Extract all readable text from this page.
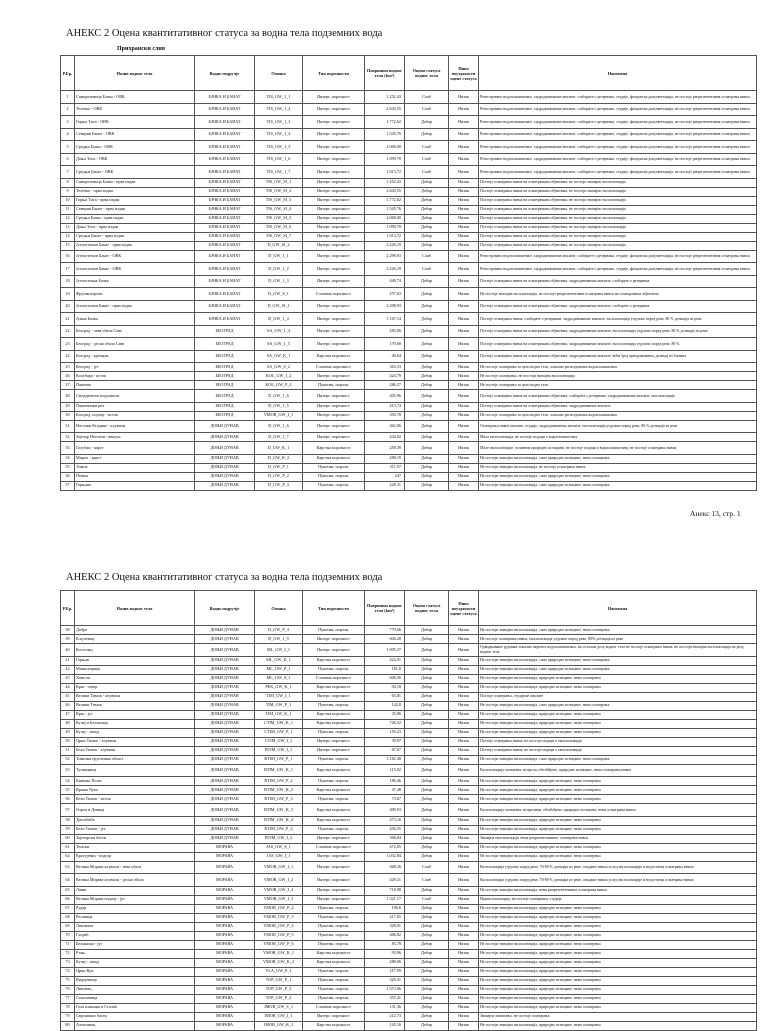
АНЕКС 2 Оцена квантитативног статуса за водна тела подземних вода
Прихрански слив
Р.Бр.	Назив водног тела	Водно подручје	Ознака	Тип порозности	Површина водног тела (km²)	Оцена статуса водног тела	Ниво поузданости оцене статуса	Напомена
1	Саморелевица Бачка - ОВК	БАЧКА И БАНАТ	TIS_GW_1_1	Интерг. порозност	1.252,43	Слаб	Низак	Регистровано водоплапиштање, хидродинамичке анализе, слаборате о резервама, студије, фондовска документација, не постоје репрезентативна осматрања нивоа
2	Телечка - ОВК	БАЧКА И БАНАТ	TIS_GW_1_2	Интерг. порозност	2.643,55	Слаб	Низак	Регистровано водоплапиштање, хидродинамичке анализе, слаборате о резервама, студије, фондовска документација, не постоје репрезентативна осматрања нивоа
3	Горња Тиса - ОВК	БАЧКА И БАНАТ	TIS_GW_1_3	Интерг. порозност	1.772,62	Добар	Низак	Регистровано водоплапиштање, хидродинамичке анализе, слаборате о резервама, студије, фондовска документација, не постоје репрезентативна осматрања нивоа
4	Северни Банат - ОВК	БАЧКА И БАНАТ	TIS_GW_1_4	Интерг. порозност	1.545,76	Добар	Низак	Регистровано водоплапиштање, хидродинамичке анализе, слаборате о резервама, студије, фондовска документација, не постоје репрезентативна осматрања нивоа
5	Средња Бачка - ОВК	БАЧКА И БАНАТ	TIS_GW_1_5	Интерг. порозност	2.068,00	Слаб	Низак	Регистровано водоплапиштање, хидродинамичке анализе, слаборате о резервама, студије, фондовска документација, не постоје репрезентативна осматрања нивоа
6	Доња Тиса - ОВК	БАЧКА И БАНАТ	TIS_GW_1_6	Интерг. порозност	1.099,78	Слаб	Низак	Регистровано водоплапиштање, хидродинамичке анализе, слаборате о резервама, студије, фондовска документација, не постоје репрезентативна осматрања нивоа
7	Средњи Банат - ОВК	БАЧКА И БАНАТ	TIS_GW_1_7	Интерг. порозност	1.013,72	Слаб	Низак	Регистровано водоплапиштање, хидродинамичке анализе, слаборате о резервама, студије, фондовска документација, не постоје репрезентативна осматрања нивоа
8	Саморелевица Бачка - прва издан	БАЧКА И БАНАТ	TIS_GW_SI_1	Интерг. порозност	1.252,43	Добар	Низак	Постоје осматрања нивоа на осматрачким објектима, не постоји значајно експлоатација
9	Телечка - прва издан	БАЧКА И БАНАТ	TIS_GW_SI_2	Интерг. порозност	2.643,55	Добар	Низак	Постоје осматрања нивоа на осматрачким објектима, не постоји значајно експлоатација
10	Горња Тиса - прва издан	БАЧКА И БАНАТ	TIS_GW_SI_3	Интерг. порозност	1.772,62	Добар	Низак	Постоје осматрања нивоа на осматрачким објектима, не постоји значајно експлоатација
11	Северни Банат - прва издан	БАЧКА И БАНАТ	TIS_GW_SI_4	Интерг. порозност	1.545,76	Добар	Низак	Постоје осматрања нивоа на осматрачким објектима, не постоји значајно експлоатација
12	Средња Бачка - прва издан	БАЧКА И БАНАТ	TIS_GW_SI_5	Интерг. порозност	2.068,00	Добар	Низак	Постоје осматрања нивоа на осматрачким објектима, не постоји значајно експлоатација
13	Доња Тиса - прва издан	БАЧКА И БАНАТ	TIS_GW_SI_6	Интерг. порозност	1.099,78	Добар	Низак	Постоје осматрања нивоа на осматрачким објектима, не постоји значајно експлоатација
14	Средњи Банат - прва издан	БАЧКА И БАНАТ	TIS_GW_SI_7	Интерг. порозност	1.013,72	Добар	Низак	Постоје осматрања нивоа на осматрачким објектима, не постоји значајно експлоатација
15	Југоисточни Банат - прва издан	БАЧКА И БАНАТ	D_GW_SI_2	Интерг. порозност	2.226,19	Добар	Низак	Постоје осматрања нивоа на осматрачким објектима, не постоји значајно експлоатација
16	Југоисточни Банат - ОВК	БАЧКА И БАНАТ	D_GW_1_1	Интерг. порозност	2.298,93	Слаб	Низак	Регистровано водоплапиштање, хидродинамичке анализе, слаборате о резервама, студије, фондовска документација, не постоје репрезентативна осматрања нивоа
17	Југоисточни Банат - ОВК	БАЧКА И БАНАТ	D_GW_1_2	Интерг. порозност	2.226,19	Слаб	Низак	Регистровано водоплапиштање, хидродинамичке анализе, слаборате о резервама, студије, фондовска документација, не постоје репрезентативна осматрања нивоа
18	Југоисточна Бачка	БАЧКА И БАНАТ	D_GW_1_3	Интерг. порозност	440,74	Добар	Низак	Постоје осматрања нивоа на осматрачким објектима, хидродинамичке анализе, слаборате о резервама
19	Фрушкогорски	БАЧКА И БАНАТ	D_GW_S_1	Сложена порозност	257,63	Добар	Низак	Не постоје значајна експлоатација, не постоје репрезентативна осматрања нивоа на осматрачким објектима
20	Југоисточни Банат - прва издан	БАЧКА И БАНАТ	D_GW_SI_1	Интерг. порозност	2.298,93	Добар	Низак	Постоје осматрања нивоа на осматрачким објектима, хидродинамичке анализе, слаборате о резервама
21	Јужна Бачка	БАЧКА И БАНАТ	D_GW_1_4	Интерг. порозност	1.167,14	Добар	Низак	Постоје осматрања нивоа, слаборате о резервама, хидродинамичке анализе, експлоатација уздужно поред реке, 80 % дотицаја из реке
22	Београд - лева обала Саве	БЕОГРАД	SA_GW_1_4	Интерг. порозност	283,06	Добар	Низак	Постоје осматрања нивоа на осматрачким објектима, хидродинамичке анализе, експлоатација уздужно поред реке, 80 % дотицаја из реке
23	Београд - десна обала Саве	БЕОГРАД	SA_GW_1_5	Интерг. порозност	179,60	Добар	Низак	Постоје осматрања нивоа на осматрачким објектима, хидродинамичке анализе, експлоатација уздужно поред реке, 80 %
24	Београд - кречњак	БЕОГРАД	SA_GW_K_1	Карстна порозност	40,64	Добар	Низак	Постоје осматрања нивоа на осматрачким објектима, хидродинамичке анализе, већи број прихрањивања, дотицај из ближих
25	Београд - југ	БЕОГРАД	SA_GW_S_2	Сложена порозност	363,33	Добар	Низак	Не постоје осматрања за цело водно тело, локално регистровања водоплапиштања
26	Колубара - исток	БЕОГРАД	KOL_GW_I_2	Интерг. порозност	424,79	Добар	Низак	Не постоје осматрања, не постоји значајна експлоатација
27	Панчево	БЕОГРАД	KOL_GW_P_2	Пукотин. порозн.	286,37	Добар	Низак	Не постоје осматрања за цело водно тело
28	Смедеревско подунавље	БЕОГРАД	D_GW_1_6	Интерг. порозност	405,96	Добар	Низак	Постоје осматрања нивоа на осматрачким објектима, слаборате о резервама, хидродинамичке анализе, експлоатација
29	Панчевачки рит	БЕОГРАД	D_GW_1_5	Интерг. порозност	413,74	Добар	Низак	Постоје осматрања нивоа на осматрачким објектима, хидродинамичке анализе
30	Београд, подгор - исток	БЕОГРАД	VMOR_GW_I_1	Интерг. порозност	350,78	Добар	Низак	Не постоје осматрања за цело водно тело, локално регистровања водоплапиштања
31	Наслови Ктадине - алувион	ДОЊИ ДУНАВ	D_GW_1_6	Интерг. порозност	462,06	Добар	Низак	Осматрања нивоа анализе, студије, хидродинамичке анализе, експлоатација уздужно поред реке, 80 % дотицаја из реке
32	Зајечар Неготин - вакуун	ДОЊИ ДУНАВ	D_GW_1_7	Интерг. порозност	434,02	Добар	Низак	Мала експлоатација, не постоје подаци о водоплапиштању
33	Голубац - карст	ДОЊИ ДУНАВ	D_GW_K_1	Карстна порозност	258,39	Добар	Низак	Мале експлоатације, углавном природно истицање, не постоје подаци о водоплапиштању, не постоје осматрања нивоа
34	Мироч - карст	ДОЊИ ДУНАВ	D_GW_K_2	Карстна порозност	288,19	Добар	Низак	Не постоји значајна експлоатација, само природно истицање, нема осматрања
35	Тимок	ДОЊИ ДУНАВ	D_GW_P_1	Пукотин. порозн.	311,97	Добар	Низак	Не постоји значајна експлоатација, не постоје осматрања нивоа
36	Пешка	ДОЊИ ДУНАВ	D_GW_P_2	Пукотин. порозн.	247	Добар	Низак	Не постоји значајна експлоатација, само природно истицање, нема осматрања
37	Горњане	ДОЊИ ДУНАВ	D_GW_P_3	Пукотин. порозн.	228,31	Добар	Низак	Не постоји значајна експлоатација, само природно истицање, нема осматрања
Анекс 13, стр. 1
АНЕКС 2 Оцена квантитативног статуса за водна тела подземних вода
Р.Бр.	Назив водног тела	Водно подручје	Ознака	Тип порозности	Површина водног тела (km²)	Оцена статуса водног тела	Ниво поузданости оцене статуса	Напомена
38	Добра	ДОЊИ ДУНАВ	D_GW_P_4	Пукотин. порозн.	779,66	Добар	Низак	Не постоји значајна експлоатација, само природно истицање, нема осматрања
39	Кључевац	ДОЊИ ДУНАВ	D_GW_1_9	Интерг. порозност	604,28	Добар	Низак	Не постоје осматрања нивоа, експлоатација уздужно поред реке, 80% дотицаја из реке
40	Костолац	ДОЊИ ДУНАВ	ML_GW_I_1	Интерг. порозност	1.005,37	Добар	Низак	Одводњавање рудника-локално мереног водоплапиштања, на осталом делу водног тела не постоје осматрања нивоа, не постоји значајна експлоатација на делу водног тела
41	Горњак	ДОЊИ ДУНАВ	ML_GW_K_1	Карстна порозност	424,01	Добар	Низак	Не постоји значајна експлоатација, само природно истицање, нема осматрања
42	Манастирица	ДОЊИ ДУНАВ	ML_GW_P_1	Пукотин. порозн.	181,8	Добар	Низак	Не постоји значајна експлоатација, само природно истицање, нема осматрања
43	Хомоље	ДОЊИ ДУНАВ	ML_GW_S_1	Сложена порозност	606,56	Добар	Низак	Не постоји значајна експлоатација, природно истицање, нема осматрања
44	Крш - север	ДОЊИ ДУНАВ	PEK_GW_K_1	Карстна порозност	94,18	Добар	Низак	Не постоји значајна експлоатација, природно истицање, нема осматрања
45	Велики Тимок - алувион	ДОЊИ ДУНАВ	TIM_GW_I_1	Интерг. порозност	65,81	Добар	Низак	Постоје осматрања, студијске анализе
46	Велики Тимок	ДОЊИ ДУНАВ	TIM_GW_P_1	Пукотин. порозн.	142,8	Добар	Низак	Не постоји значајна експлоатација, само природно истицање, нема осматрања
47	Крш - југ	ДОЊИ ДУНАВ	TIM_GW_K_1	Карстна порозност	35,86	Добар	Низак	Не постоји значајна експлоатација, природно истицање, нема осматрања
48	Кучај и Бељаница	ДОЊИ ДУНАВ	CTIM_GW_K_1	Карстна порозност	726,52	Добар	Низак	Не постоји значајна експлоатација, природно истицање, нема осматрања
49	Кучај - запад	ДОЊИ ДУНАВ	CTIM_GW_P_1	Пукотин. порозн.	150,23	Добар	Низак	Не постоји значајна експлоатација, природно истицање, нема осматрања
50	Црни Тимок - алувион	ДОЊИ ДУНАВ	CTIM_GW_I_1	Интерг. порозност	39,97	Добар	Низак	Постоје осматрања нивоа, не постоје подаци о експлоатацији
51	Бели Тимок - алувион	ДОЊИ ДУНАВ	BTIM_GW_I_1	Интерг. порозност	67,67	Добар	Низак	Постоје осматрања нивоа, не постоје подаци о експлоатацији
52	Тимочка еруптивна област	ДОЊИ ДУНАВ	BTIM_GW_P_1	Пукотин. порозн.	1.182,48	Добар	Низак	Не постоји значајна експлоатација, само природно истицање, нема осматрања
53	Тупижница	ДОЊИ ДУНАВ	BTIM_GW_K_1	Карстна порозност	115,92	Добар	Низак	Експлоатација-захватање из врела, обезбеђено, природно истицање, нема осматрања нивоа
54	Книшко Поље	ДОЊИ ДУНАВ	BTIM_GW_P_2	Пукотин. порозн.	186,46	Добар	Низак	Не постоји значајна експлоатација, природно истицање, нема осматрања
55	Вршка Чука	ДОЊИ ДУНАВ	BTIM_GW_K_2	Карстна порозност	47,48	Добар	Низак	Не постоји значајна експлоатација, природно истицање, нема осматрања
56	Бели Тимок - исток	ДОЊИ ДУНАВ	BTIM_GW_P_3	Пукотин. порозн.	73,67	Добар	Низак	Не постоји значајна експлоатација, природно истицање, нема осматрања
57	Озрен и Девица	ДОЊИ ДУНАВ	BTIM_GW_K_3	Карстна порозност	409,03	Добар	Низак	Експлоатација-захватање из врелима, обезбеђено, природно истицање, нема осматрања нивоа
58	Тресибаба	ДОЊИ ДУНАВ	BTIM_GW_K_4	Карстна порозност	473,16	Добар	Низак	Не постоји значајна експлоатација, природно истицање, нема осматрања
59	Бели Тимок - југ	ДОЊИ ДУНАВ	BTIM_GW_P_4	Пукотин. порозн.	456,55	Добар	Низак	Не постоји значајна експлоатација, природно истицање, нема осматрања
60	Зајечарски басен	ДОЊИ ДУНАВ	BTIM_GW_I_2	Интерг. порозност	368,04	Добар	Низак	Значајна експлоатација, нема репрезентативног осматрања нивоа
61	Темски	МОРАВА	JAS_GW_S_1	Сложена порозност	472,05	Добар	Низак	Не постоји значајна експлоатација, природно истицање, нема осматрања
62	Крагујевац - подгор	МОРАВА	JAS_GW_I_1	Интерг. порозност	1.032,84	Добар	Низак	Не постоји значајна експлоатација, природно истицање, нема осматрања
63	Велика Морава алувион - лева обала	МОРАВА	VMOR_GW_I_1	Интерг. порозност	468,26	Слаб	Низак	Експлоатација уздужно поред реке, 70-80 % дотицаја из реке, опадање нивоа услед експлоатације и недостатка осматрања нивоа
64	Велика Морава алувион - десна обала	МОРАВА	VMOR_GW_I_2	Интерг. порозност	429,31	Слаб	Низак	Експлоатација уздужно поред реке, 70-80 % дотицаја из реке, опадање нивоа услед експлоатације и недостатка осматрања нивоа
65	Лавач	МОРАВА	VMOR_GW_I_4	Интерг. порозност	718,98	Добар	Низак	Не постоји значајна експлоатација, нема репрезентативног осматрања нивоа
66	Велика Морава подгор - југ	МОРАВА	VMOR_GW_I_3	Интерг. порозност	1.321,17	Слаб	Низак	Надексплоатација, не постоје осматрања, студије
67	Рудар	МОРАВА	VMOR_GW_P_2	Пукотин. порозн.	196,6	Добар	Низак	Не постоји значајна експлоатација, природно истицање, нема осматрања
68	Ресавица	МОРАВА	VMOR_GW_P_3	Пукотин. порозн.	217,05	Добар	Низак	Не постоји значајна експлоатација, природно истицање, нема осматрања
69	Липовача	МОРАВА	VMOR_GW_P_4	Пукотин. порозн.	328,01	Добар	Низак	Не постоји значајна експлоатација, природно истицање, нема осматрања
70	Гледић	МОРАВА	VMOR_GW_P_5	Пукотин. порозн.	466,82	Добар	Низак	Не постоји значајна експлоатација, природно истицање, нема осматрања
71	Бељаница - југ	МОРАВА	VMOR_GW_P_6	Пукотин. порозн.	83,78	Добар	Низак	Не постоји значајна експлоатација, природно истицање, нема осматрања
72	Ртањ	МОРАВА	VMOR_GW_K_1	Карстна порозност	93,96	Добар	Низак	Не постоји значајна експлоатација, природно истицање, нема осматрања
73	Кучај - запад	МОРАВА	VMOR_GW_K_2	Карстна порозност	288,06	Добар	Низак	Не постоји значајна експлоатација, природно истицање, нема осматрања
74	Црни Врх	МОРАВА	VLA_GW_P_1	Пукотин. порозн.	217,99	Добар	Низак	Не постоји значајна експлоатација, природно истицање, нема осматрања
75	Видојевица	МОРАВА	TOP_GW_P_1	Пукотин. порозн.	329,31	Добар	Низак	Не постоји значајна експлоатација, природно истицање, нема осматрања
76	Липовац	МОРАВА	TOP_GW_P_3	Пукотин. порозн.	1.373,06	Добар	Низак	Не постоји значајна експлоатација, природно истицање, нема осматрања
77	Соколовица	МОРАВА	TOP_GW_P_2	Пукотин. порозн.	355,41	Добар	Низак	Не постоји значајна експлоатација, природно истицање, нема осматрања
78	Гола планина и Сталаћ	МОРАВА	JMOR_GW_S_1	Сложена порозност	131,36	Добар	Низак	Не постоји значајна експлоатација, природно истицање, нема осматрања
79	Сврљишки басен	МОРАВА	JMOR_GW_I_1	Интерг. порозност	212,73	Добар	Низак	Значајна захватања, не постоје осматрања
80	Алексинац	МОРАВА	JMOR_GW_K_1	Карстна порозност	145,16	Добар	Низак	Не постоји значајна експлоатација, природно истицање, нема осматрања
